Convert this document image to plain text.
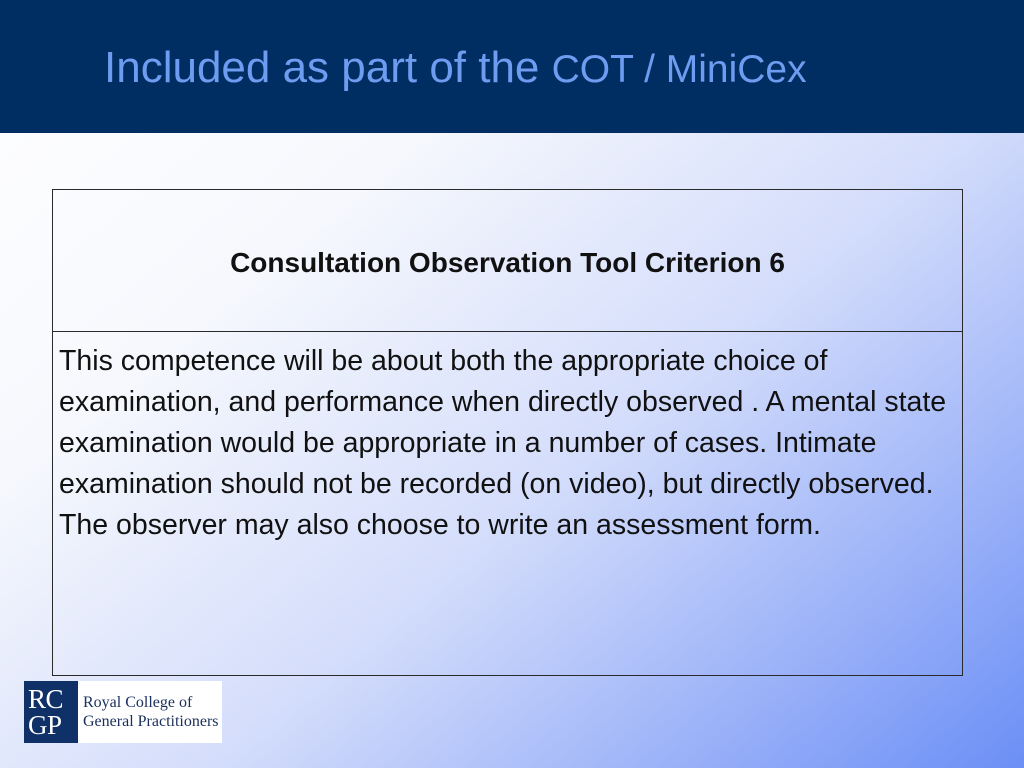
Included as part of the COT / MiniCex

Consultation Observation Tool Criterion 6

This competence will be about both the appropriate choice of examination, and performance when directly observed . A mental state examination would be appropriate in a number of cases. Intimate examination should not be recorded (on video), but directly observed. The observer may also choose to write an assessment form.

RC
GP
Royal College of
General Practitioners
